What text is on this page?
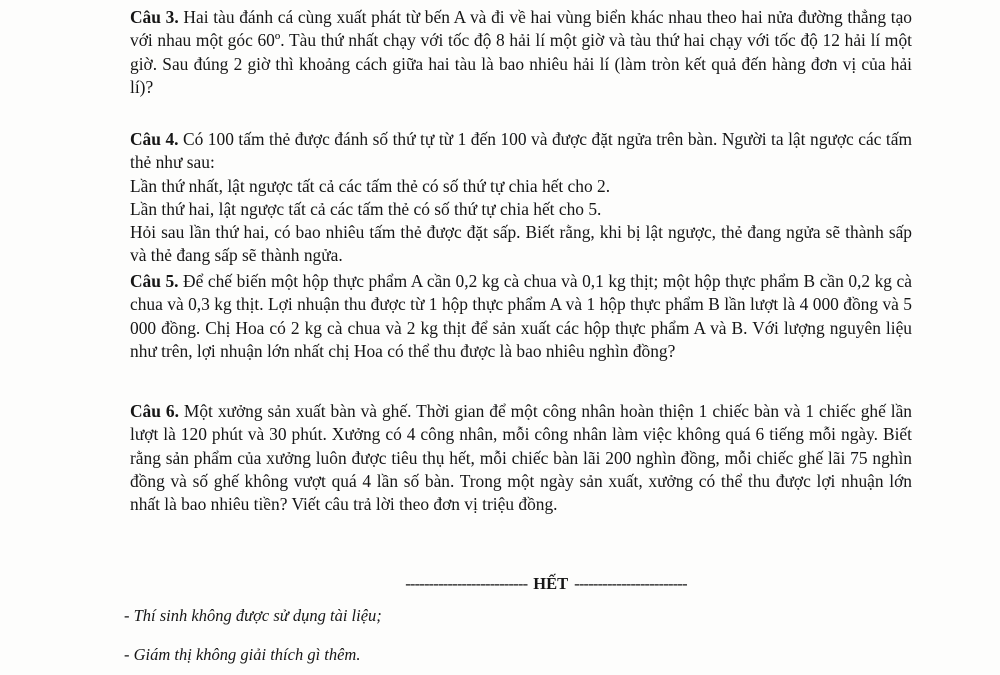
Câu 3. Hai tàu đánh cá cùng xuất phát từ bến A và đi về hai vùng biển khác nhau theo hai nửa đường thẳng tạo với nhau một góc 60º. Tàu thứ nhất chạy với tốc độ 8 hải lí một giờ và tàu thứ hai chạy với tốc độ 12 hải lí một giờ. Sau đúng 2 giờ thì khoảng cách giữa hai tàu là bao nhiêu hải lí (làm tròn kết quả đến hàng đơn vị của hải lí)?

Câu 4. Có 100 tấm thẻ được đánh số thứ tự từ 1 đến 100 và được đặt ngửa trên bàn. Người ta lật ngược các tấm thẻ như sau:

Lần thứ nhất, lật ngược tất cả các tấm thẻ có số thứ tự chia hết cho 2.

Lần thứ hai, lật ngược tất cả các tấm thẻ có số thứ tự chia hết cho 5.

Hỏi sau lần thứ hai, có bao nhiêu tấm thẻ được đặt sấp. Biết rằng, khi bị lật ngược, thẻ đang ngửa sẽ thành sấp và thẻ đang sấp sẽ thành ngửa.

Câu 5. Để chế biến một hộp thực phẩm A cần 0,2 kg cà chua và 0,1 kg thịt; một hộp thực phẩm B cần 0,2 kg cà chua và 0,3 kg thịt. Lợi nhuận thu được từ 1 hộp thực phẩm A và 1 hộp thực phẩm B lần lượt là 4 000 đồng và 5 000 đồng. Chị Hoa có 2 kg cà chua và 2 kg thịt để sản xuất các hộp thực phẩm A và B. Với lượng nguyên liệu như trên, lợi nhuận lớn nhất chị Hoa có thể thu được là bao nhiêu nghìn đồng?

Câu 6. Một xưởng sản xuất bàn và ghế. Thời gian để một công nhân hoàn thiện 1 chiếc bàn và 1 chiếc ghế lần lượt là 120 phút và 30 phút. Xưởng có 4 công nhân, mỗi công nhân làm việc không quá 6 tiếng mỗi ngày. Biết rằng sản phẩm của xưởng luôn được tiêu thụ hết, mỗi chiếc bàn lãi 200 nghìn đồng, mỗi chiếc ghế lãi 75 nghìn đồng và số ghế không vượt quá 4 lần số bàn. Trong một ngày sản xuất, xưởng có thể thu được lợi nhuận lớn nhất là bao nhiêu tiền? Viết câu trả lời theo đơn vị triệu đồng.

-------------------------- HẾT ------------------------
- Thí sinh không được sử dụng tài liệu;
- Giám thị không giải thích gì thêm.
